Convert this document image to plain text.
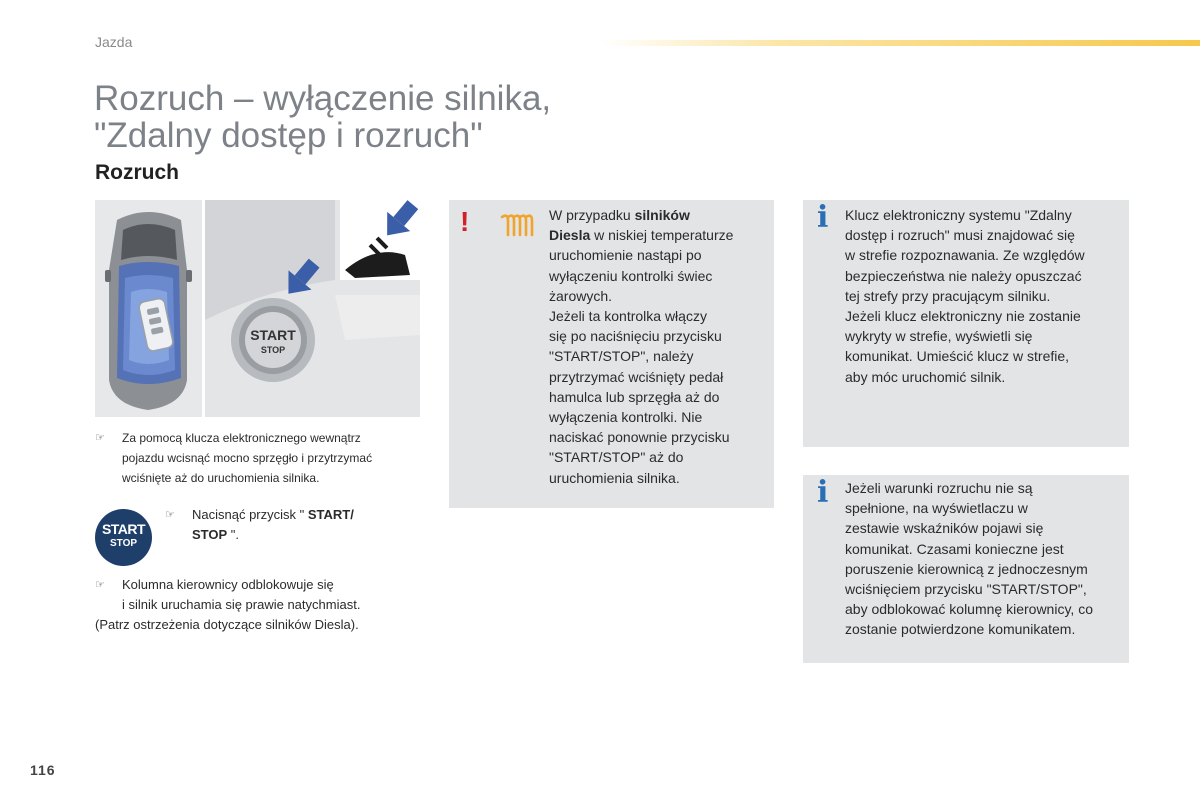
Jazda
Rozruch – wyłączenie silnika,
"Zdalny dostęp i rozruch"
Rozruch
START
STOP
☞ Za pomocą klucza elektronicznego wewnątrz
pojazdu wcisnąć mocno sprzęgło i przytrzymać
wciśnięte aż do uruchomienia silnika.
START
STOP
☞	Nacisnąć przycisk " START/
STOP ".
☞	Kolumna kierownicy odblokowuje się
i silnik uruchamia się prawie natychmiast.
(Patrz ostrzeżenia dotyczące silników Diesla).
!	W przypadku silników
Diesla w niskiej temperaturze
uruchomienie nastąpi po
wyłączeniu kontrolki świec
żarowych.
Jeżeli ta kontrolka włączy
się po naciśnięciu przycisku
"START/STOP", należy
przytrzymać wciśnięty pedał
hamulca lub sprzęgła aż do
wyłączenia kontrolki. Nie
naciskać ponownie przycisku
"START/STOP" aż do
uruchomienia silnika.
i Klucz elektroniczny systemu "Zdalny
dostęp i rozruch" musi znajdować się
w strefie rozpoznawania. Ze względów
bezpieczeństwa nie należy opuszczać
tej strefy przy pracującym silniku.
Jeżeli klucz elektroniczny nie zostanie
wykryty w strefie, wyświetli się
komunikat. Umieścić klucz w strefie,
aby móc uruchomić silnik.
i Jeżeli warunki rozruchu nie są
spełnione, na wyświetlaczu w
zestawie wskaźników pojawi się
komunikat. Czasami konieczne jest
poruszenie kierownicą z jednoczesnym
wciśnięciem przycisku "START/STOP",
aby odblokować kolumnę kierownicy, co
zostanie potwierdzone komunikatem.
116
